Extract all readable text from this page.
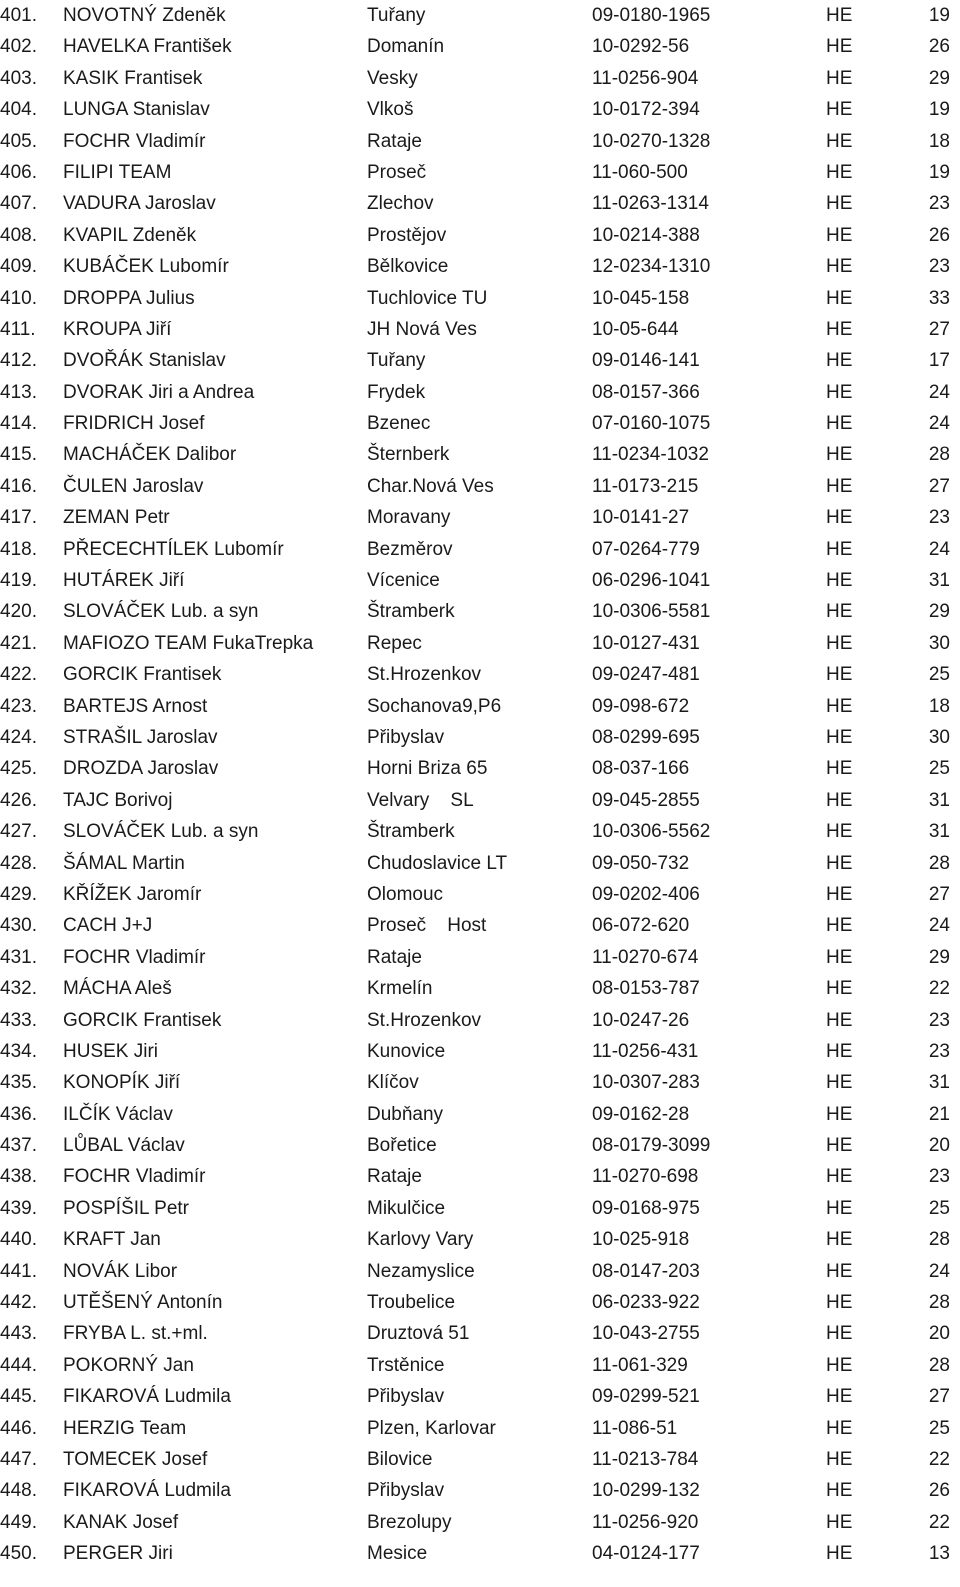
401.	NOVOTNÝ Zdeněk	Tuřany	09-0180-1965	HE	19
402.	HAVELKA František	Domanín	10-0292-56	HE	26
403.	KASIK Frantisek	Vesky	11-0256-904	HE	29
404.	LUNGA Stanislav	Vlkoš	10-0172-394	HE	19
405.	FOCHR Vladimír	Rataje	10-0270-1328	HE	18
406.	FILIPI TEAM	Proseč	11-060-500	HE	19
407.	VADURA Jaroslav	Zlechov	11-0263-1314	HE	23
408.	KVAPIL Zdeněk	Prostějov	10-0214-388	HE	26
409.	KUBÁČEK Lubomír	Bělkovice	12-0234-1310	HE	23
410.	DROPPA Julius	Tuchlovice TU	10-045-158	HE	33
411.	KROUPA Jiří	JH Nová Ves	10-05-644	HE	27
412.	DVOŘÁK Stanislav	Tuřany	09-0146-141	HE	17
413.	DVORAK Jiri a Andrea	Frydek	08-0157-366	HE	24
414.	FRIDRICH Josef	Bzenec	07-0160-1075	HE	24
415.	MACHÁČEK Dalibor	Šternberk	11-0234-1032	HE	28
416.	ČULEN Jaroslav	Char.Nová Ves	11-0173-215	HE	27
417.	ZEMAN Petr	Moravany	10-0141-27	HE	23
418.	PŘECECHTÍLEK Lubomír	Bezměrov	07-0264-779	HE	24
419.	HUTÁREK Jiří	Vícenice	06-0296-1041	HE	31
420.	SLOVÁČEK Lub. a syn	Štramberk	10-0306-5581	HE	29
421.	MAFIOZO TEAM FukaTrepka	Repec	10-0127-431	HE	30
422.	GORCIK Frantisek	St.Hrozenkov	09-0247-481	HE	25
423.	BARTEJS Arnost	Sochanova9,P6	09-098-672	HE	18
424.	STRAŠIL Jaroslav	Přibyslav	08-0299-695	HE	30
425.	DROZDA Jaroslav	Horni Briza 65	08-037-166	HE	25
426.	TAJC Borivoj	Velvary    SL	09-045-2855	HE	31
427.	SLOVÁČEK Lub. a syn	Štramberk	10-0306-5562	HE	31
428.	ŠÁMAL Martin	Chudoslavice LT	09-050-732	HE	28
429.	KŘÍŽEK Jaromír	Olomouc	09-0202-406	HE	27
430.	CACH J+J	Proseč    Host	06-072-620	HE	24
431.	FOCHR Vladimír	Rataje	11-0270-674	HE	29
432.	MÁCHA Aleš	Krmelín	08-0153-787	HE	22
433.	GORCIK Frantisek	St.Hrozenkov	10-0247-26	HE	23
434.	HUSEK Jiri	Kunovice	11-0256-431	HE	23
435.	KONOPÍK Jiří	Klíčov	10-0307-283	HE	31
436.	ILČÍK Václav	Dubňany	09-0162-28	HE	21
437.	LŮBAL Václav	Bořetice	08-0179-3099	HE	20
438.	FOCHR Vladimír	Rataje	11-0270-698	HE	23
439.	POSPÍŠIL Petr	Mikulčice	09-0168-975	HE	25
440.	KRAFT Jan	Karlovy Vary	10-025-918	HE	28
441.	NOVÁK Libor	Nezamyslice	08-0147-203	HE	24
442.	UTĚŠENÝ Antonín	Troubelice	06-0233-922	HE	28
443.	FRYBA L. st.+ml.	Druztová 51	10-043-2755	HE	20
444.	POKORNÝ Jan	Trstěnice	11-061-329	HE	28
445.	FIKAROVÁ Ludmila	Přibyslav	09-0299-521	HE	27
446.	HERZIG Team	Plzen, Karlovar	11-086-51	HE	25
447.	TOMECEK Josef	Bilovice	11-0213-784	HE	22
448.	FIKAROVÁ Ludmila	Přibyslav	10-0299-132	HE	26
449.	KANAK Josef	Brezolupy	11-0256-920	HE	22
450.	PERGER Jiri	Mesice	04-0124-177	HE	13
